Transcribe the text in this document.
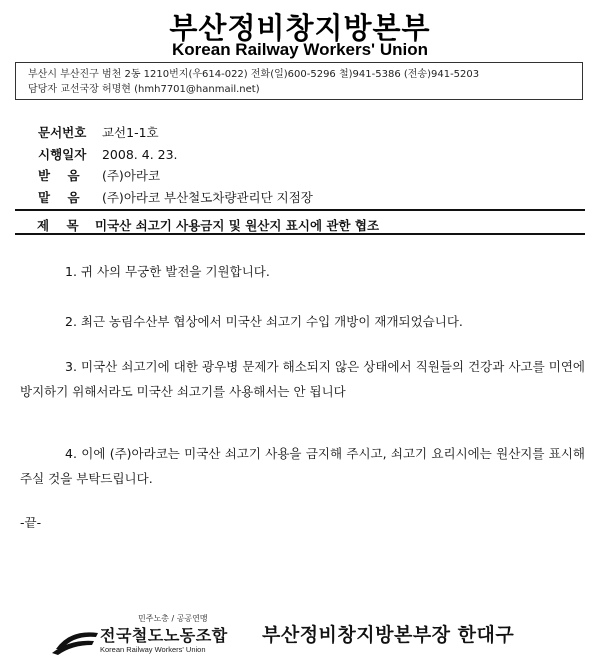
부산정비창지방본부
Korean Railway Workers' Union
부산시 부산진구 범천 2동 1210번지(우614-022) 전화(일)600-5296 철)941-5386 (전송)941-5203
담당자 교선국장 허명현 (hmh7701@hanmail.net)
문서번호 교선1-1호
시행일자 2008. 4. 23.
받    음 (주)아라코
맡    음 (주)아라코 부산철도차량관리단 지점장
제    목 미국산 쇠고기 사용금지 및 원산지 표시에 관한 협조
1. 귀 사의 무궁한 발전을 기원합니다.
2. 최근 농림수산부 협상에서 미국산 쇠고기 수입 개방이 재개되었습니다.
3. 미국산 쇠고기에 대한 광우병 문제가 해소되지 않은 상태에서 직원들의 건강과 사고를 미연에 방지하기 위해서라도 미국산 쇠고기를 사용해서는 안 됩니다
4. 이에 (주)아라코는 미국산 쇠고기 사용을 금지해 주시고, 쇠고기 요리시에는 원산지를 표시해 주실 것을 부탁드립니다.
-끝-
민주노총 / 공공연맹
전국철도노동조합
Korean Railway Workers' Union
부산정비창지방본부장 한대구
